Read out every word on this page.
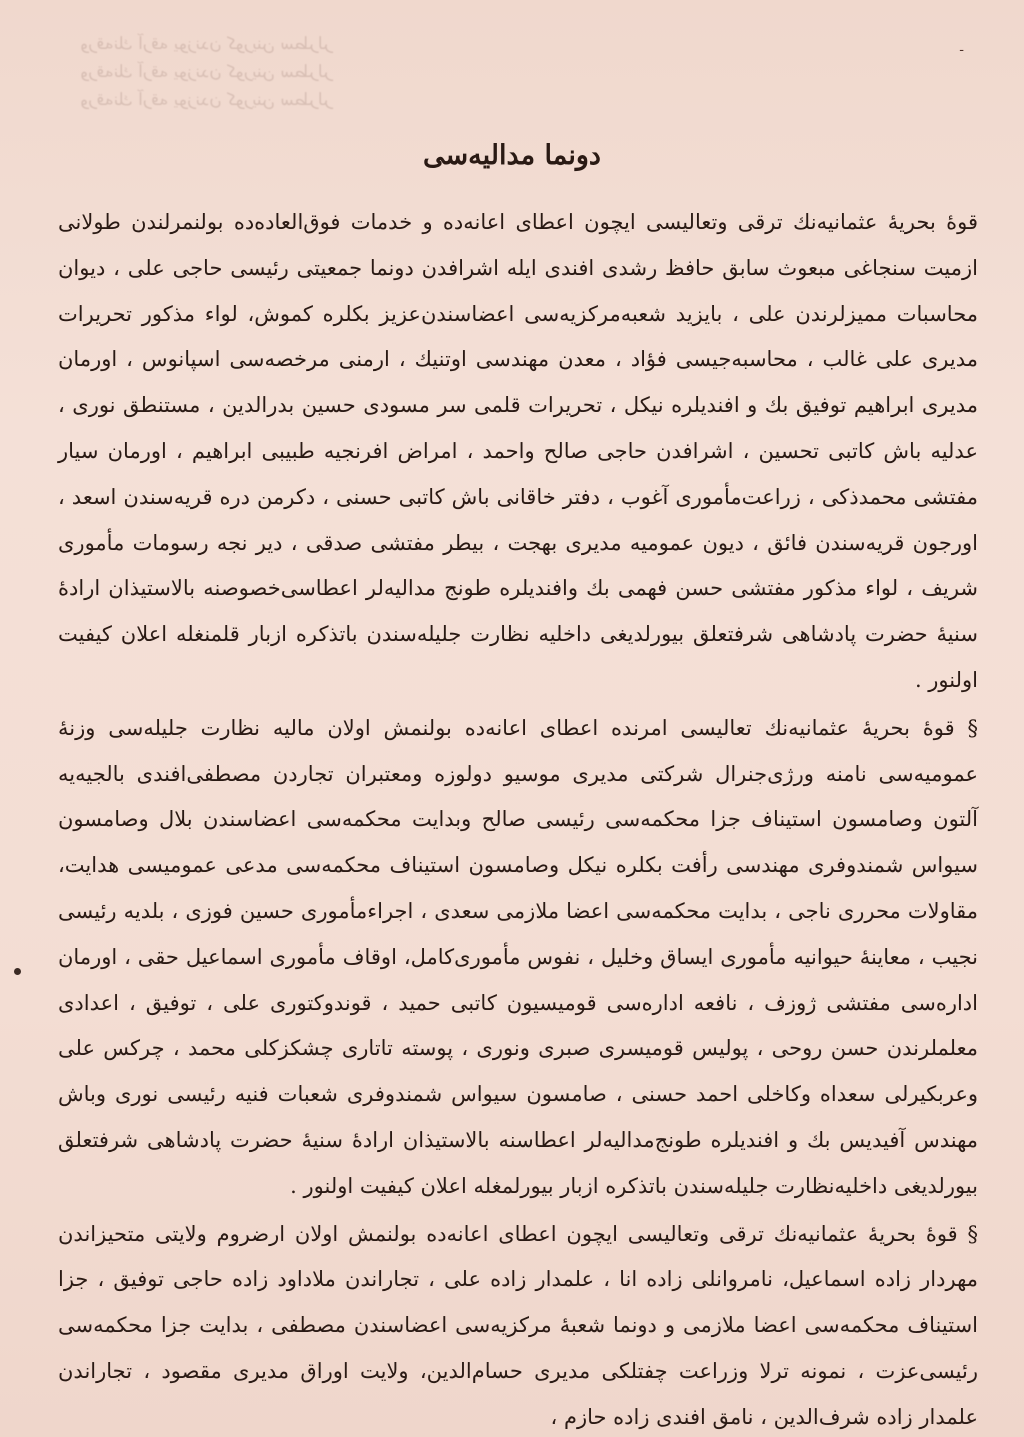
ورقەنك آرقە يوزندن كورينن سطرلر
ورقەنك آرقە يوزندن كورينن سطرلر
ورقەنك آرقە يوزندن كورينن سطرلر
-
دونما مداليەسى

قوۀ بحريۀ عثمانيەنك ترقى وتعاليسى ايچون اعطاى اعانەدە و خدمات فوق‌العادەدە بولنمرلندن طولانى ازميت سنجاغى مبعوث سابق حافظ رشدى افندى ايلە اشرافدن دونما جمعيتى رئيسى حاجى على ، ديوان محاسبات مميزلرندن على ، بايزيد شعبەمركزيەسى اعضاسندن‌عزيز بكلرە كموش، لواء مذكور تحريرات مديرى على غالب ، محاسبەجيسى فؤاد ، معدن مهندسى اوتنيك ، ارمنى مرخصەسى اسپانوس ، اورمان مديرى ابراهيم توفيق بك و افنديلرە نيكل ، تحريرات قلمى سر مسودى حسين بدرالدين ، مستنطق نورى ، عدليە باش كاتبى تحسين ، اشرافدن حاجى صالح واحمد ، امراض افرنجيە طبيبى ابراهيم ، اورمان سيار مفتشى محمدذكى ، زراعت‌مأمورى آغوب ، دفتر خاقانى باش كاتبى حسنى ، دكرمن درە قريەسندن اسعد ، اورجون قريەسندن فائق ، ديون عموميە مديرى بهجت ، بيطر مفتشى صدقى ، دير نجە رسومات مأمورى شريف ، لواء مذكور مفتشى حسن فهمى بك وافنديلرە طونج مداليەلر اعطاسى‌خصوصنە بالاستيذان ارادۀ سنيۀ حضرت پادشاهى شرفتعلق بيورلديغى داخليە نظارت جليلەسندن باتذكرە ازبار قلمنغلە اعلان كيفيت اولنور .

§ قوۀ بحريۀ عثمانيەنك تعاليسى امرندە اعطاى اعانەدە بولنمش اولان ماليە نظارت جليلەسى وزنۀ عموميەسى نامنە ورژى‌جنرال شركتى مديرى موسيو دولوزە ومعتبران تجاردن مصطفى‌افندى بالجيەيە آلتون وصامسون استيناف جزا محكمەسى رئيسى صالح وبدايت محكمەسى اعضاسندن بلال وصامسون سيواس شمندوفرى مهندسى رأفت بكلرە نيكل وصامسون استيناف محكمەسى مدعى عموميسى هدايت، مقاولات محررى ناجى ، بدايت محكمەسى اعضا ملازمى سعدى ، اجراءمأمورى حسين فوزى ، بلديە رئيسى نجيب ، معاينۀ حيوانيە مأمورى ايساق وخليل ، نفوس مأمورى‌كامل، اوقاف مأمورى اسماعيل حقى ، اورمان ادارەسى مفتشى ژوزف ، نافعە ادارەسى قوميسيون كاتبى حميد ، قوندوكتورى على ، توفيق ، اعدادى معلملرندن حسن روحى ، پوليس قوميسرى صبرى ونورى ، پوستە تاتارى چشكزكلى محمد ، چركس على وعربكيرلى سعداە وكاخلى احمد حسنى ، صامسون سيواس شمندوفرى شعبات فنيە رئيسى نورى وباش مهندس آفيديس بك و افنديلرە طونج‌مداليەلر اعطاسنە بالاستيذان ارادۀ سنيۀ حضرت پادشاهى شرفتعلق بيورلديغى داخليەنظارت جليلەسندن باتذكرە ازبار بيورلمغلە اعلان كيفيت اولنور .

§ قوۀ بحريۀ عثمانيەنك ترقى وتعاليسى ايچون اعطاى اعانەدە بولنمش اولان ارضروم ولايتى متحيزاندن مهردار زادە اسماعيل، نامروانلى زادە انا ، علمدار زادە على ، تجاراندن ملاداود زادە حاجى توفيق ، جزا استيناف محكمەسى اعضا ملازمى و دونما شعبۀ مركزيەسى اعضاسندن مصطفى ، بدايت جزا محكمەسى رئيسى‌عزت ، نمونە ترلا وزراعت چفتلكى مديرى حسام‌الدين، ولايت اوراق مديرى مقصود ، تجاراندن علمدار زادە شرف‌الدين ، نامق افندى زادە حازم ،
